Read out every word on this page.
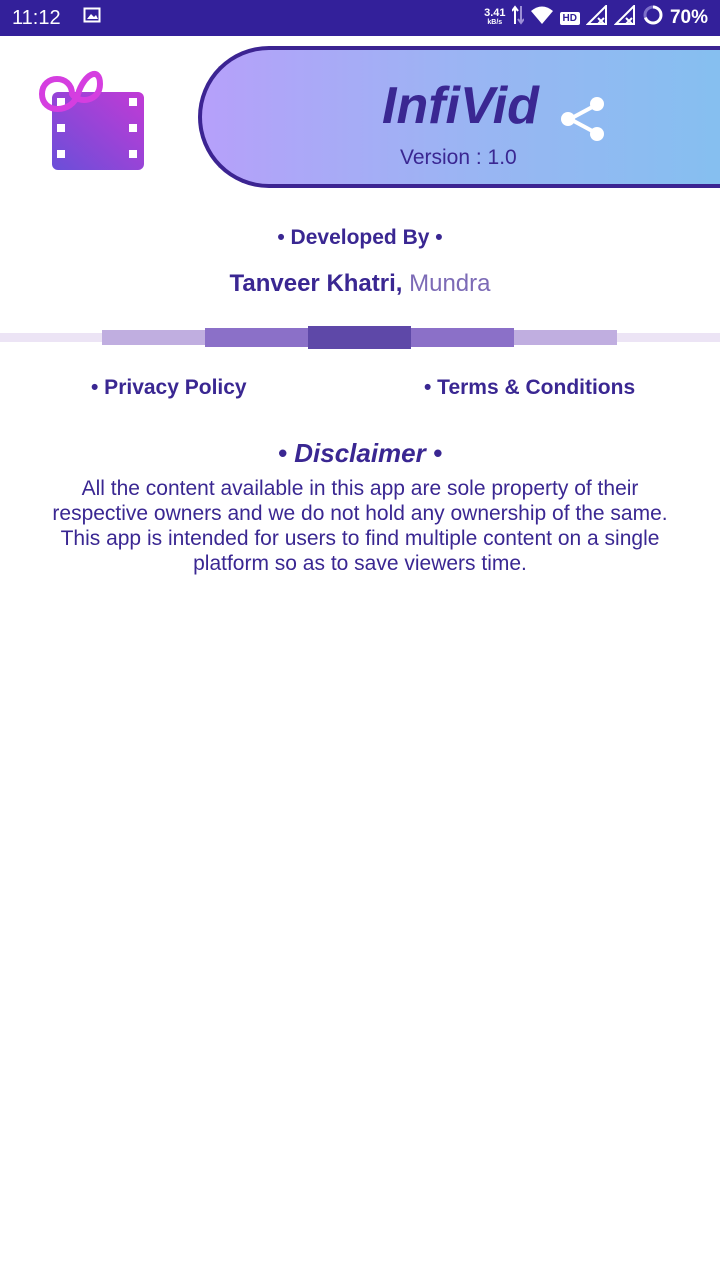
11:12	3.41
kB/s	HD	70%
InfiVid
Version : 1.0
• Developed By •
Tanveer Khatri, Mundra
• Privacy Policy	• Terms & Conditions
• Disclaimer •
All the content available in this app are sole property of their respective owners and we do not hold any ownership of the same. This app is intended for users to find multiple content on a single platform so as to save viewers time.
